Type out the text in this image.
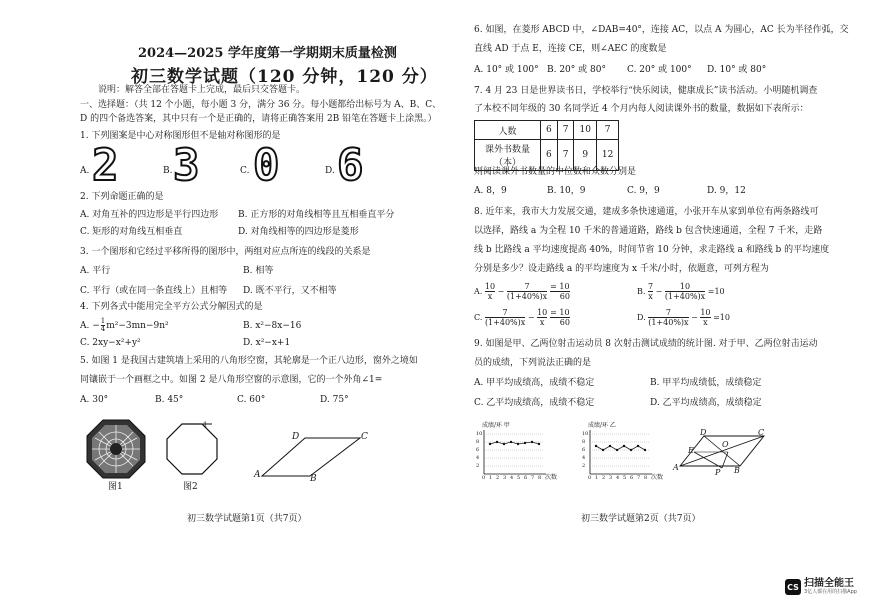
2024—2025 学年度第一学期期末质量检测
初三数学试题（120 分钟，120 分）
说明：解答全部在答题卡上完成，最后只交答题卡。
一、选择题：（共 12 个小题，每小题 3 分，满分 36 分。每小题都给出标号为 A、B、C、
D 的四个备选答案，其中只有一个是正确的，请将正确答案用 2B 铅笔在答题卡上涂黑。）
1. 下列图案是中心对称图形但不是轴对称图形的是
A. 2	B. 3	C. 0	D. 6
2. 下列命题正确的是
A. 对角互补的四边形是平行四边形 B. 正方形的对角线相等且互相垂直平分
C. 矩形的对角线互相垂直	D. 对角线相等的四边形是菱形
3. 一个图形和它经过平移所得的图形中，两组对应点所连的线段的关系是
A. 平行	B. 相等
C. 平行（或在同一条直线上）且相等 D. 既不平行，又不相等
4. 下列各式中能用完全平方公式分解因式的是
A. − $\frac{1}{4} m^2-3mn-9n^2$	B. x²−8x−16
C. 2xy−x²+y²	D. x²−x+1
5. 如图 1 是我国古建筑墙上采用的八角形空窗，其轮廓是一个正八边形，窗外之境如
同镶嵌于一个画框之中。如图 2 是八角形空窗的示意图，它的一个外角∠1=
A. 30°	B. 45°	C. 60°	D. 75°
图1
1
图2
A	B
C
D
初三数学试题第1页（共7页）
6. 如图，在菱形 ABCD 中，∠DAB=40°，连接 AC，以点 A 为圆心，AC 长为半径作弧，交
直线 AD 于点 E，连接 CE，则∠AEC 的度数是
A. 10° 或 100° B. 20° 或 80° C. 20° 或 100° D. 10° 或 80°
7. 4 月 23 日是世界读书日，学校举行“快乐阅读，健康成长”读书活动。小明随机调查
了本校不同年级的 30 名同学近 4 个月内每人阅读课外书的数量，数据如下表所示：
人数	6	7	10	7
课外书数量（本）	6	7	9	12
则阅读课外书数量的中位数和众数分别是
A. 8，9	B. 10，9	C. 9，9	D. 9，12
8. 近年来，我市大力发展交通，建成多条快速通道，小张开车从家到单位有两条路线可
以选择，路线 a 为全程 10 千米的普通道路，路线 b 包含快速通道，全程 7 千米，走路
线 b 比路线 a 平均速度提高 40%，时间节省 10 分钟，求走路线 a 和路线 b 的平均速度
分别是多少？设走路线 a 的平均速度为 x 千米/小时，依题意，可列方程为
A. $\frac{10}{x} - \frac{7}{(1+40\%)x}$
$\frac{= 10}{60}$	B. $\frac{7}{x} - \frac{10}{(1+40\%)x} =10$
C. $\frac{7}{(1+40\%)x} - \frac{10}{x}$
$\frac{= 10}{60}$	D. $\frac{7}{(1+40\%)x} - \frac{10}{x} =10$
9. 如图是甲、乙两位射击运动员 8 次射击测试成绩的统计图. 对于甲、乙两位射击运动
员的成绩，下列说法正确的是
A. 甲平均成绩高，成绩不稳定	B. 甲平均成绩低，成绩稳定
C. 乙平均成绩高，成绩不稳定	D. 乙平均成绩高，成绩稳定
成绩/环 甲
次数
10
8
6
4
2
0 1 2 3 4 5 6 7 8
成绩/环 乙
次数
10
8
6
4
2
0 1 2 3 4 5 6 7 8
A	B
C
D
E
O
P
初三数学试题第2页（共7页）
CS 扫描全能王
3亿人都在用的扫描App
